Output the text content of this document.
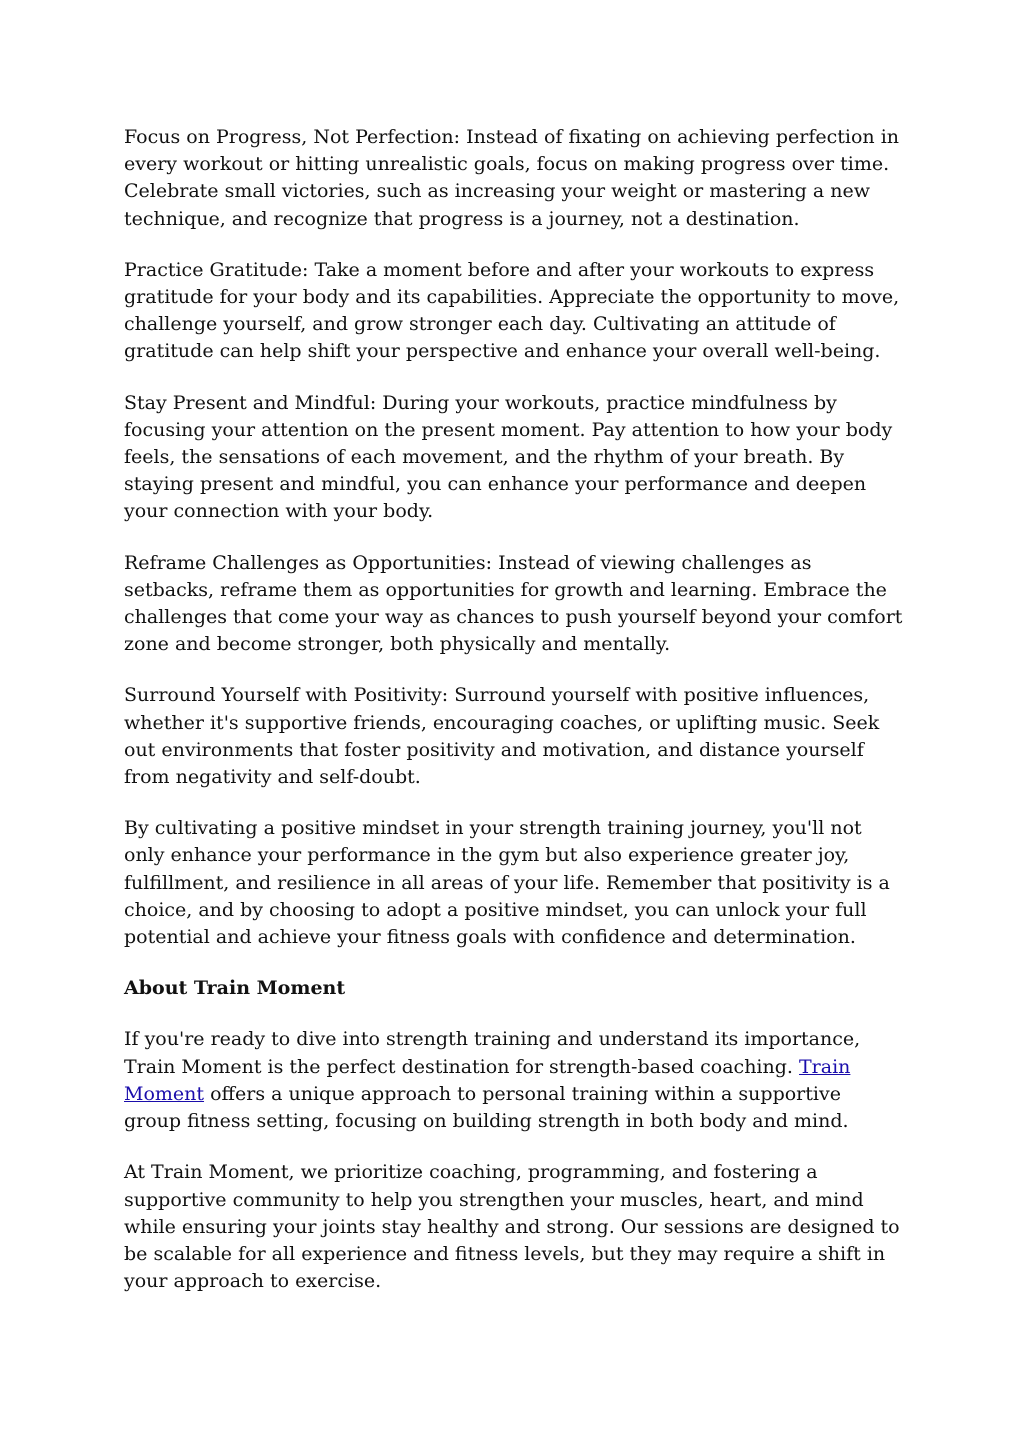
Focus on Progress, Not Perfection: Instead of fixating on achieving perfection in every workout or hitting unrealistic goals, focus on making progress over time. Celebrate small victories, such as increasing your weight or mastering a new technique, and recognize that progress is a journey, not a destination.

Practice Gratitude: Take a moment before and after your workouts to express gratitude for your body and its capabilities. Appreciate the opportunity to move, challenge yourself, and grow stronger each day. Cultivating an attitude of gratitude can help shift your perspective and enhance your overall well-being.

Stay Present and Mindful: During your workouts, practice mindfulness by focusing your attention on the present moment. Pay attention to how your body feels, the sensations of each movement, and the rhythm of your breath. By staying present and mindful, you can enhance your performance and deepen your connection with your body.

Reframe Challenges as Opportunities: Instead of viewing challenges as setbacks, reframe them as opportunities for growth and learning. Embrace the challenges that come your way as chances to push yourself beyond your comfort zone and become stronger, both physically and mentally.

Surround Yourself with Positivity: Surround yourself with positive influences, whether it's supportive friends, encouraging coaches, or uplifting music. Seek out environments that foster positivity and motivation, and distance yourself from negativity and self-doubt.

By cultivating a positive mindset in your strength training journey, you'll not only enhance your performance in the gym but also experience greater joy, fulfillment, and resilience in all areas of your life. Remember that positivity is a choice, and by choosing to adopt a positive mindset, you can unlock your full potential and achieve your fitness goals with confidence and determination.

About Train Moment

If you're ready to dive into strength training and understand its importance, Train Moment is the perfect destination for strength-based coaching. Train Moment offers a unique approach to personal training within a supportive group fitness setting, focusing on building strength in both body and mind.

At Train Moment, we prioritize coaching, programming, and fostering a supportive community to help you strengthen your muscles, heart, and mind while ensuring your joints stay healthy and strong. Our sessions are designed to be scalable for all experience and fitness levels, but they may require a shift in your approach to exercise.
